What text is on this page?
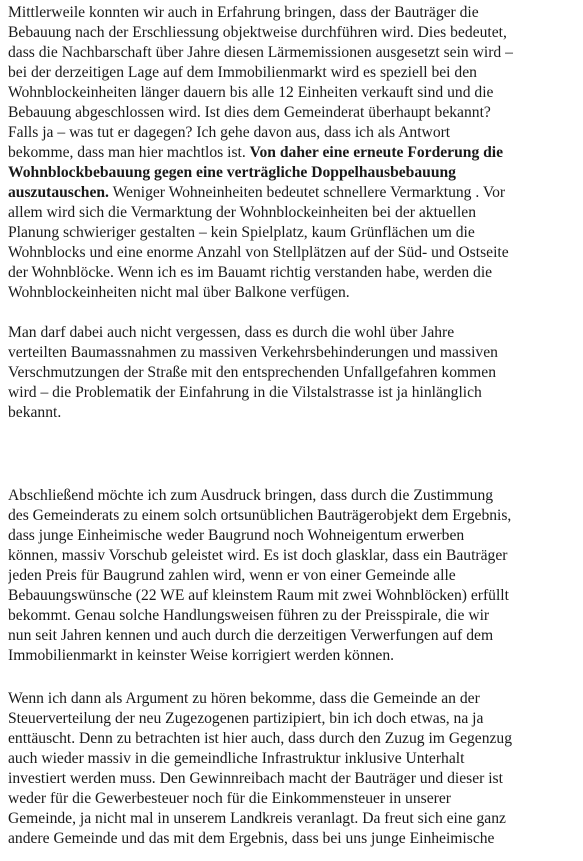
Mittlerweile konnten wir auch in Erfahrung bringen, dass der Bauträger die
Bebauung nach der Erschliessung objektweise durchführen wird. Dies bedeutet,
dass die Nachbarschaft über Jahre diesen Lärmemissionen ausgesetzt sein wird –
bei der derzeitigen Lage auf dem Immobilienmarkt wird es speziell bei den
Wohnblockeinheiten länger dauern bis alle 12 Einheiten verkauft sind und die
Bebauung abgeschlossen wird. Ist dies dem Gemeinderat überhaupt bekannt?
Falls ja – was tut er dagegen? Ich gehe davon aus, dass ich als Antwort
bekomme, dass man hier machtlos ist. Von daher eine erneute Forderung die
Wohnblockbebauung gegen eine verträgliche Doppelhausbebauung
auszutauschen. Weniger Wohneinheiten bedeutet schnellere Vermarktung . Vor
allem wird sich die Vermarktung der Wohnblockeinheiten bei der aktuellen
Planung schwieriger gestalten – kein Spielplatz, kaum Grünflächen um die
Wohnblocks und eine enorme Anzahl von Stellplätzen auf der Süd- und Ostseite
der Wohnblöcke. Wenn ich es im Bauamt richtig verstanden habe, werden die
Wohnblockeinheiten nicht mal über Balkone verfügen.
Man darf dabei auch nicht vergessen, dass es durch die wohl über Jahre
verteilten Baumassnahmen zu massiven Verkehrsbehinderungen und massiven
Verschmutzungen der Straße mit den entsprechenden Unfallgefahren kommen
wird – die Problematik der Einfahrung in die Vilstalstrasse ist ja hinlänglich
bekannt.
Abschließend möchte ich zum Ausdruck bringen, dass durch die Zustimmung
des Gemeinderats zu einem solch ortsunüblichen Bauträgerobjekt dem Ergebnis,
dass junge Einheimische weder Baugrund noch Wohneigentum erwerben
können, massiv Vorschub geleistet wird. Es ist doch glasklar, dass ein Bauträger
jeden Preis für Baugrund zahlen wird, wenn er von einer Gemeinde alle
Bebauungswünsche (22 WE auf kleinstem Raum mit zwei Wohnblöcken) erfüllt
bekommt. Genau solche Handlungsweisen führen zu der Preisspirale, die wir
nun seit Jahren kennen und auch durch die derzeitigen Verwerfungen auf dem
Immobilienmarkt in keinster Weise korrigiert werden können.
Wenn ich dann als Argument zu hören bekomme, dass die Gemeinde an der
Steuerverteilung der neu Zugezogenen partizipiert, bin ich doch etwas, na ja
enttäuscht. Denn zu betrachten ist hier auch, dass durch den Zuzug im Gegenzug
auch wieder massiv in die gemeindliche Infrastruktur inklusive Unterhalt
investiert werden muss. Den Gewinnreibach macht der Bauträger und dieser ist
weder für die Gewerbesteuer noch für die Einkommensteuer in unserer
Gemeinde, ja nicht mal in unserem Landkreis veranlagt. Da freut sich eine ganz
andere Gemeinde und das mit dem Ergebnis, dass bei uns junge Einheimische
